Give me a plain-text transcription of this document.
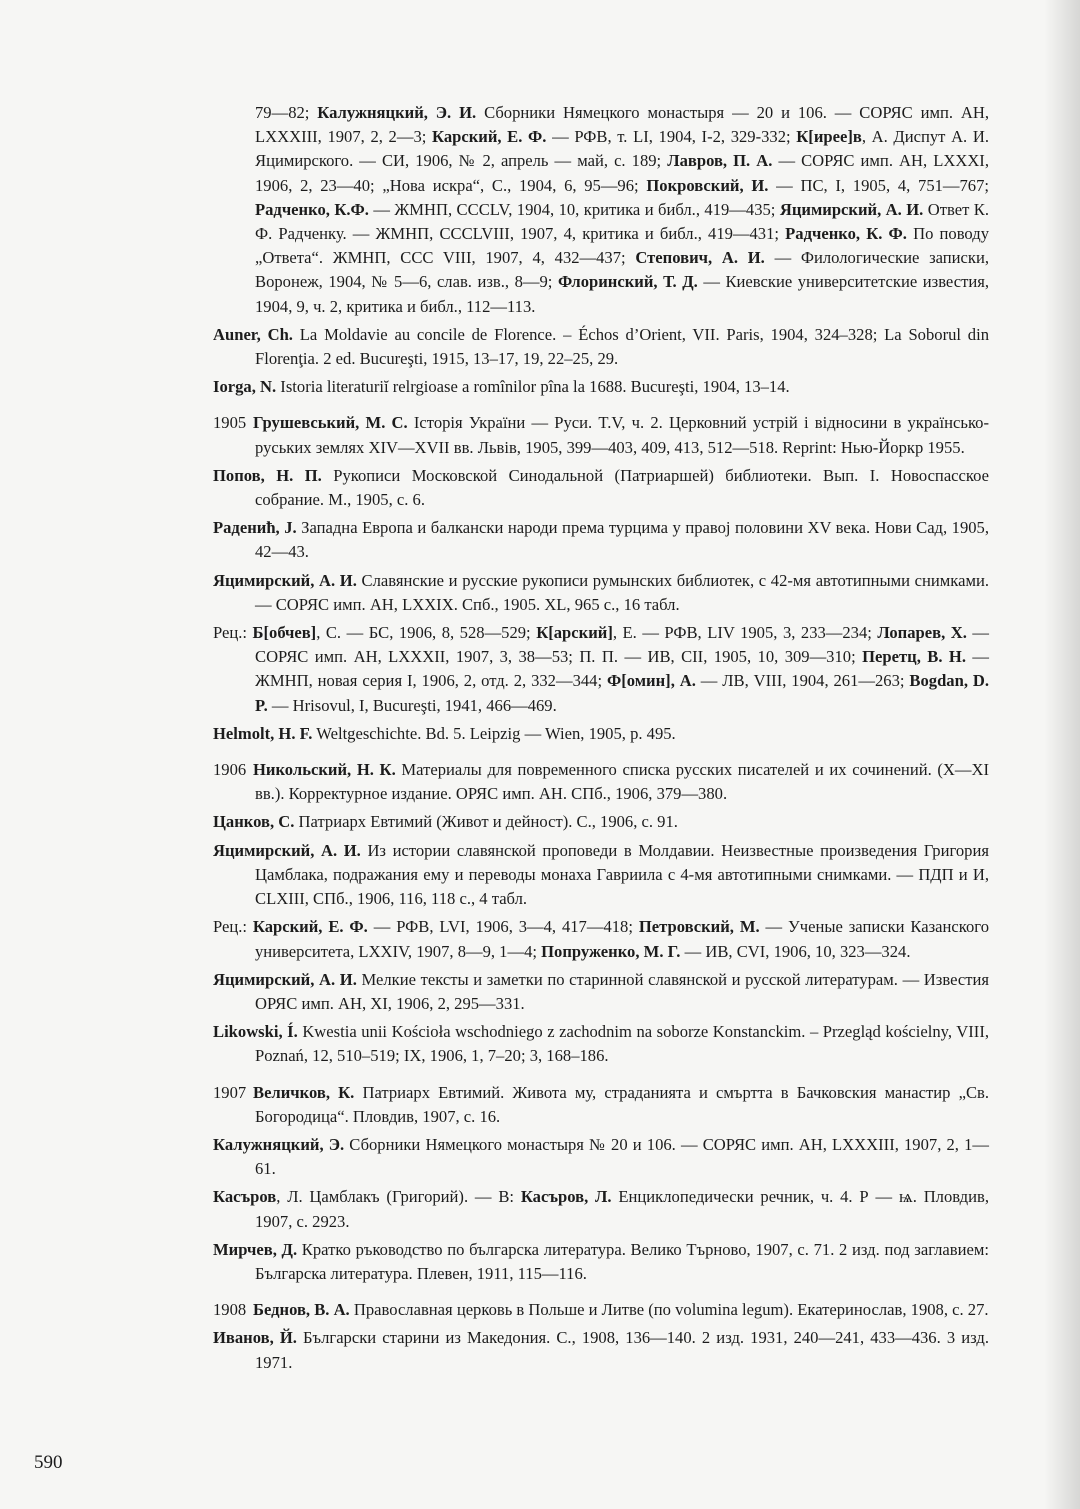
79—82; Калужняцкий, Э. И. Сборники Нямецкого монастыря — 20 и 106. — СОРЯС имп. АН, LXXXIII, 1907, 2, 2—3; Карский, Е. Ф. — РФВ, т. LI, 1904, I-2, 329-332; К[ирее]в, А. Диспут А. И. Яцимирского. — СИ, 1906, № 2, апрель — май, с. 189; Лавров, П. А. — СОРЯС имп. АН, LXXXI, 1906, 2, 23—40; „Нова искра“, С., 1904, 6, 95—96; Покровский, И. — ПС, I, 1905, 4, 751—767; Радченко, К.Ф. — ЖМНП, CCCLV, 1904, 10, критика и библ., 419—435; Яцимирский, А. И. Ответ К. Ф. Радченку. — ЖМНП, CCCLVIII, 1907, 4, критика и библ., 419—431; Радченко, К. Ф. По поводу „Ответа“. ЖМНП, CCC VIII, 1907, 4, 432—437; Степович, А. И. — Филологические записки, Воронеж, 1904, № 5—6, слав. изв., 8—9; Флоринский, Т. Д. — Киевские университетские известия, 1904, 9, ч. 2, критика и библ., 112—113.

Auner, Ch. La Moldavie au concile de Florence. – Échos d’Orient, VII. Paris, 1904, 324–328; La Soborul din Florenţia. 2 ed. Bucureşti, 1915, 13–17, 19, 22–25, 29.

Iorga, N. Istoria literaturiĭ relrgioase a romînilor pîna la 1688. Bucureşti, 1904, 13–14.

1905 Грушевський, М. С. Історія України — Руси. T.V, ч. 2. Церковний устрій і відносини в українсько-руських землях XIV—XVII вв. Львів, 1905, 399—403, 409, 413, 512—518. Reprint: Нью-Йоркр 1955.

Попов, Н. П. Рукописи Московской Синодальной (Патриаршей) библиотеки. Вып. I. Новоспасское собрание. М., 1905, с. 6.

Раденић, J. Западна Европа и балкански народи према турцима у правој половини XV века. Нови Сад, 1905, 42—43.

Яцимирский, А. И. Славянские и русские рукописи румынских библиотек, с 42-мя автотипными снимками. — СОРЯС имп. АН, LXXIX. Спб., 1905. XL, 965 с., 16 табл.

Рец.: Б[обчев], С. — БС, 1906, 8, 528—529; К[арский], Е. — РФВ, LIV 1905, 3, 233—234; Лопарев, Х. — СОРЯС имп. АН, LXXXII, 1907, 3, 38—53; П. П. — ИВ, CII, 1905, 10, 309—310; Перетц, В. Н. — ЖМНП, новая серия I, 1906, 2, отд. 2, 332—344; Ф[омин], А. — ЛВ, VIII, 1904, 261—263; Bogdan, D. P. — Hrisovul, I, Bucureşti, 1941, 466—469.

Helmolt, H. F. Weltgeschichte. Bd. 5. Leipzig — Wien, 1905, p. 495.

1906 Никольский, Н. К. Материалы для повременного списка русских писателей и их сочинений. (X—XI вв.). Корректурное издание. ОРЯС имп. АН. СПб., 1906, 379—380.

Цанков, С. Патриарх Евтимий (Живот и дейност). С., 1906, с. 91.

Яцимирский, А. И. Из истории славянской проповеди в Молдавии. Неизвестные произведения Григория Цамблака, подражания ему и переводы монаха Гавриила с 4-мя автотипными снимками. — ПДП и И, CLXIII, СПб., 1906, 116, 118 с., 4 табл.

Рец.: Карский, Е. Ф. — РФВ, LVI, 1906, 3—4, 417—418; Петровский, М. — Ученые записки Казанского университета, LXXIV, 1907, 8—9, 1—4; Попруженко, М. Г. — ИВ, CVI, 1906, 10, 323—324.

Яцимирский, А. И. Мелкие тексты и заметки по старинной славянской и русской литературам. — Известия ОРЯС имп. АН, XI, 1906, 2, 295—331.

Likowski, Í. Kwestia unii Kościoła wschodniego z zachodnim na soborze Konstanckim. – Przegląd kościelny, VIII, Poznań, 12, 510–519; IX, 1906, 1, 7–20; 3, 168–186.

1907 Величков, К. Патриарх Евтимий. Живота му, страданията и смъртта в Бачковския манастир „Св. Богородица“. Пловдив, 1907, с. 16.

Калужняцкий, Э. Сборники Нямецкого монастыря № 20 и 106. — СОРЯС имп. АН, LXXXIII, 1907, 2, 1—61.

Касъров, Л. Цамблакъ (Григорий). — В: Касъров, Л. Енциклопедически речник, ч. 4. Р — ѩ. Пловдив, 1907, с. 2923.

Мирчев, Д. Кратко ръководство по българска литература. Велико Търново, 1907, с. 71. 2 изд. под заглавием: Българска литература. Плевен, 1911, 115—116.

1908 Беднов, В. А. Православная церковь в Польше и Литве (по volumina legum). Екатеринослав, 1908, с. 27.

Иванов, Й. Български старини из Македония. С., 1908, 136—140. 2 изд. 1931, 240—241, 433—436. 3 изд. 1971.

590
